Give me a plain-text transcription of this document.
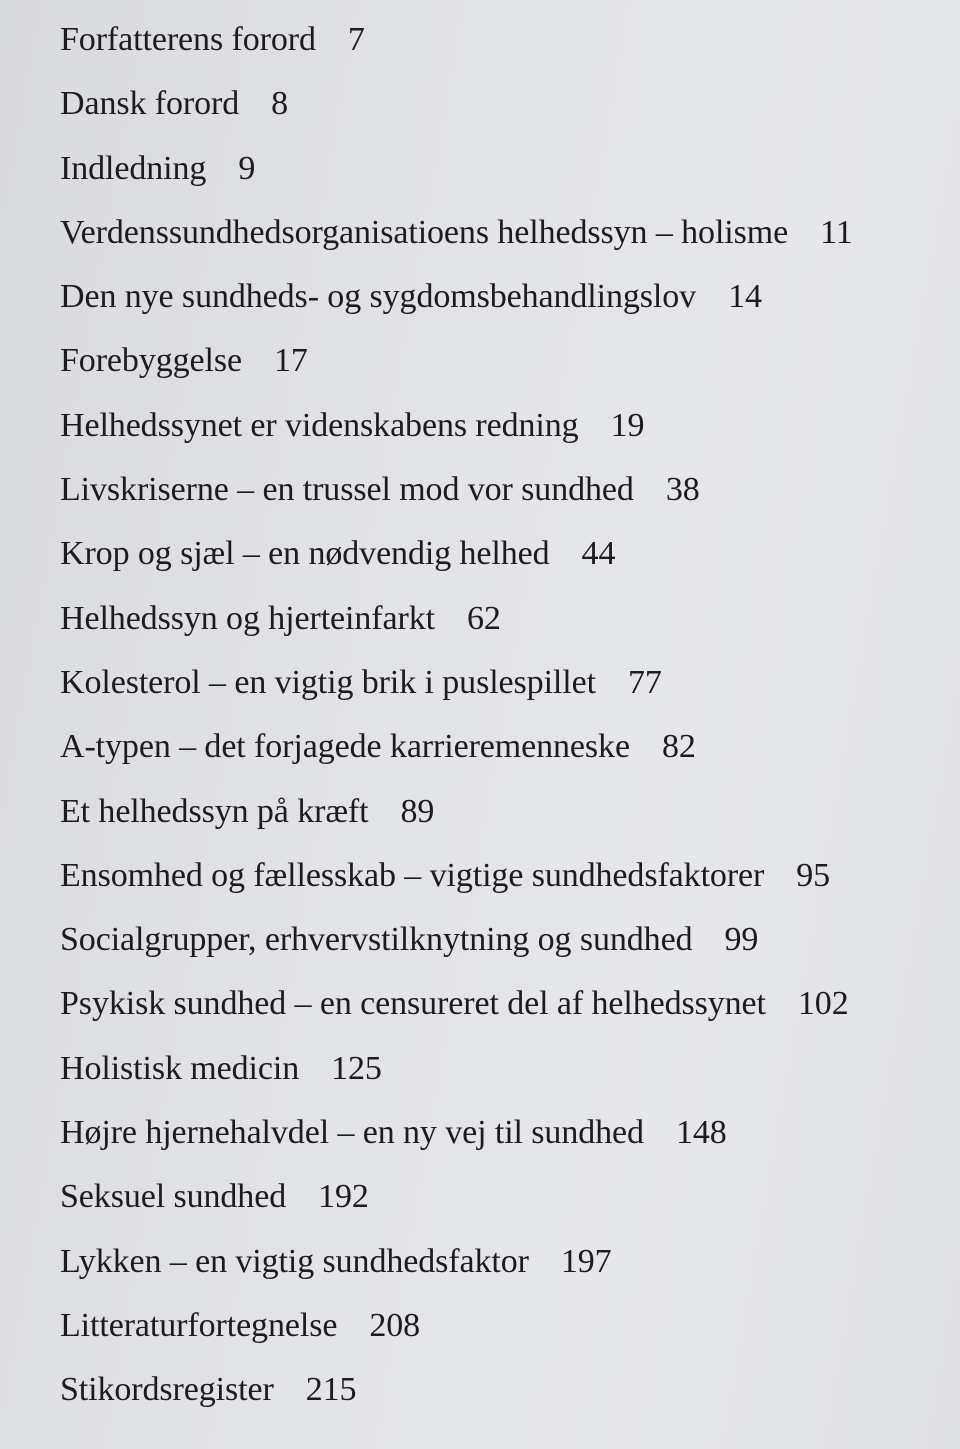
Forfatterens forord 7
Dansk forord 8
Indledning 9
Verdenssundhedsorganisatioens helhedssyn – holisme 11
Den nye sundheds- og sygdomsbehandlingslov 14
Forebyggelse 17
Helhedssynet er videnskabens redning 19
Livskriserne – en trussel mod vor sundhed 38
Krop og sjæl – en nødvendig helhed 44
Helhedssyn og hjerteinfarkt 62
Kolesterol – en vigtig brik i puslespillet 77
A-typen – det forjagede karrieremenneske 82
Et helhedssyn på kræft 89
Ensomhed og fællesskab – vigtige sundhedsfaktorer 95
Socialgrupper, erhvervstilknytning og sundhed 99
Psykisk sundhed – en censureret del af helhedssynet 102
Holistisk medicin 125
Højre hjernehalvdel – en ny vej til sundhed 148
Seksuel sundhed 192
Lykken – en vigtig sundhedsfaktor 197
Litteraturfortegnelse 208
Stikordsregister 215
